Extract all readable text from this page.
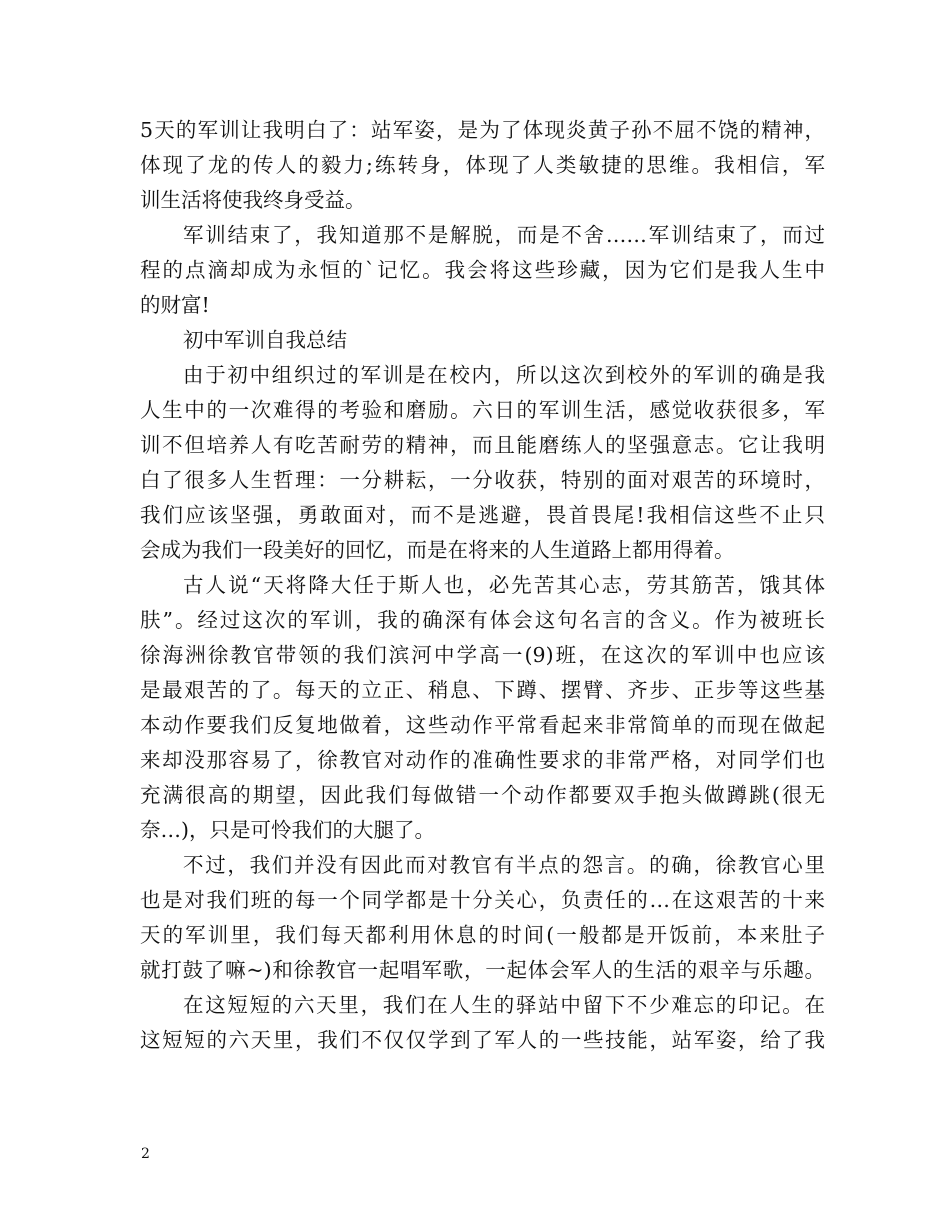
5天的军训让我明白了：站军姿，是为了体现炎黄子孙不屈不饶的精神，
体现了龙的传人的毅力;练转身，体现了人类敏捷的思维。我相信，军
训生活将使我终身受益。
军训结束了，我知道那不是解脱，而是不舍……军训结束了，而过
程的点滴却成为永恒的`记忆。我会将这些珍藏，因为它们是我人生中
的财富!
初中军训自我总结
由于初中组织过的军训是在校内，所以这次到校外的军训的确是我
人生中的一次难得的考验和磨励。六日的军训生活，感觉收获很多，军
训不但培养人有吃苦耐劳的精神，而且能磨练人的坚强意志。它让我明
白了很多人生哲理：一分耕耘，一分收获，特别的面对艰苦的环境时，
我们应该坚强，勇敢面对，而不是逃避，畏首畏尾!我相信这些不止只
会成为我们一段美好的回忆，而是在将来的人生道路上都用得着。
古人说“天将降大任于斯人也，必先苦其心志，劳其筋苦，饿其体
肤”。经过这次的军训，我的确深有体会这句名言的含义。作为被班长
徐海洲徐教官带领的我们滨河中学高一(9)班，在这次的军训中也应该
是最艰苦的了。每天的立正、稍息、下蹲、摆臂、齐步、正步等这些基
本动作要我们反复地做着，这些动作平常看起来非常简单的而现在做起
来却没那容易了，徐教官对动作的准确性要求的非常严格，对同学们也
充满很高的期望，因此我们每做错一个动作都要双手抱头做蹲跳(很无
奈…)，只是可怜我们的大腿了。
不过，我们并没有因此而对教官有半点的怨言。的确，徐教官心里
也是对我们班的每一个同学都是十分关心，负责任的…在这艰苦的十来
天的军训里，我们每天都利用休息的时间(一般都是开饭前，本来肚子
就打鼓了嘛~)和徐教官一起唱军歌，一起体会军人的生活的艰辛与乐趣。
在这短短的六天里，我们在人生的驿站中留下不少难忘的印记。在
这短短的六天里，我们不仅仅学到了军人的一些技能，站军姿，给了我
2
